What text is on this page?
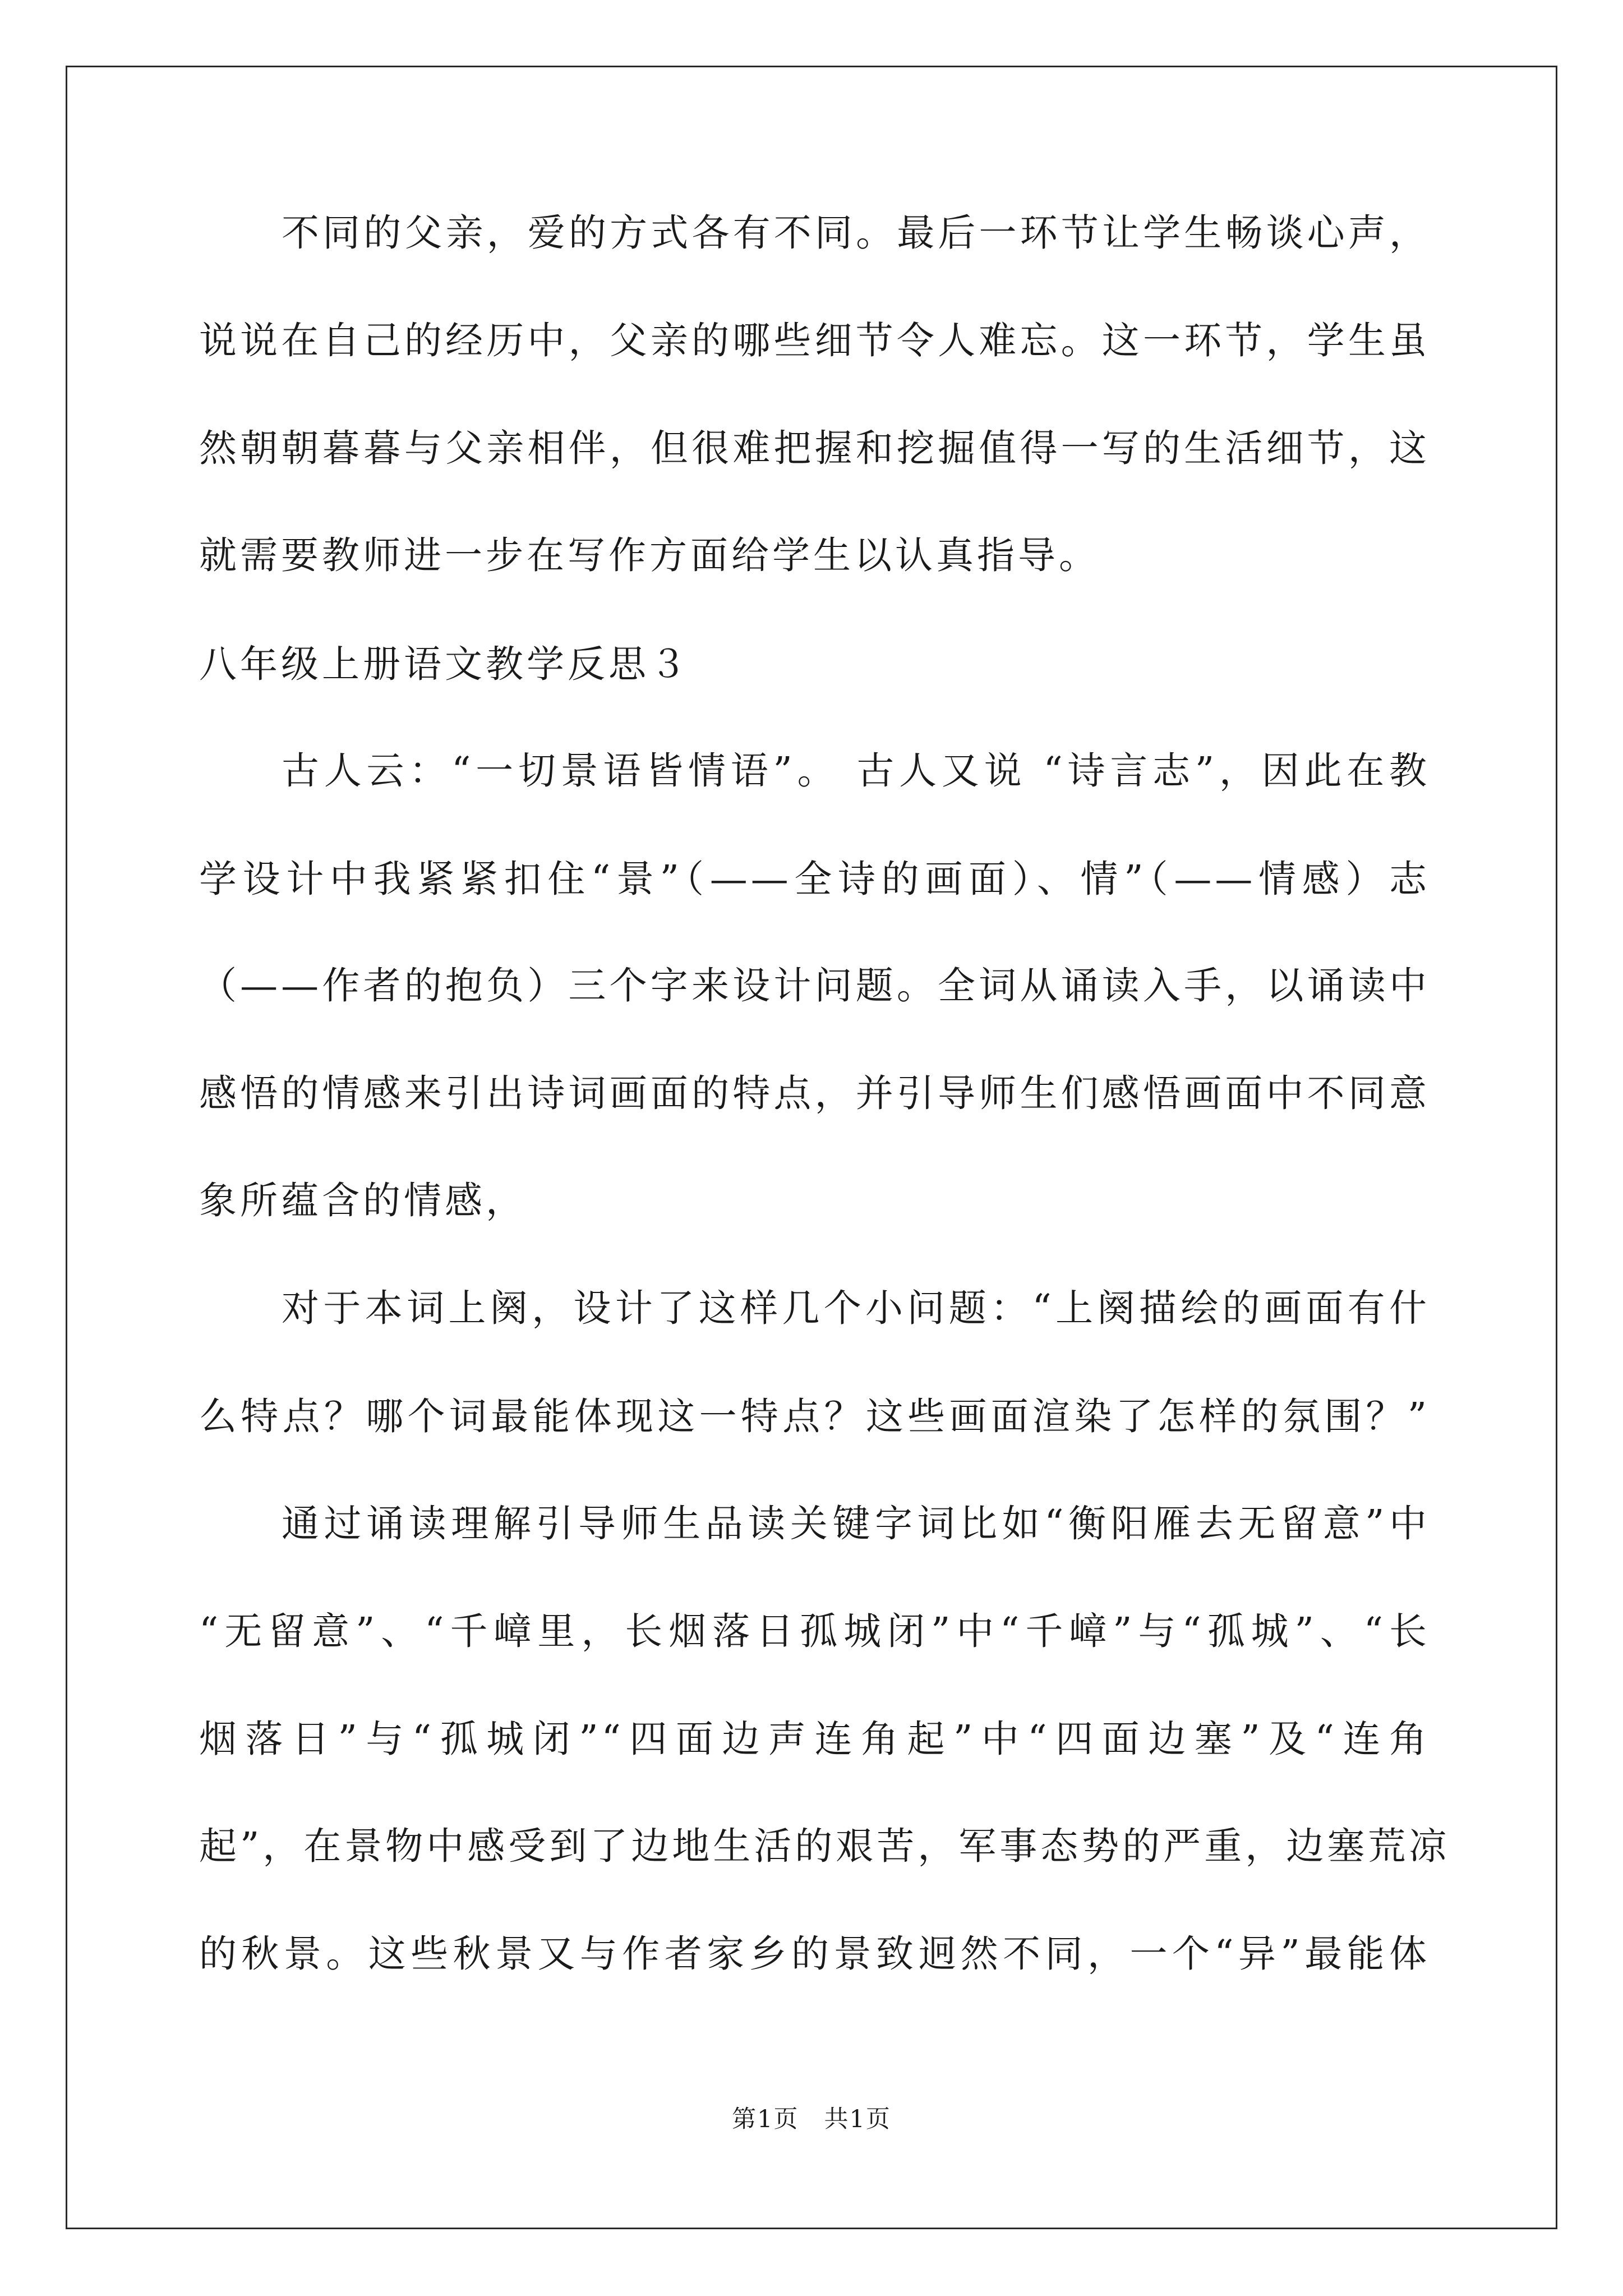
不同的父亲，爱的方式各有不同。最后一环节让学生畅谈心声，
说说在自己的经历中，父亲的哪些细节令人难忘。这一环节，学生虽
然朝朝暮暮与父亲相伴，但很难把握和挖掘值得一写的生活细节，这
就需要教师进一步在写作方面给学生以认真指导。
八年级上册语文教学反思３
古人云：“一切景语皆情语”。 古人又说 “诗言志”，因此在教
学设计中我紧紧扣住“景”（——全诗的画面）、情”（——情感）志
（——作者的抱负）三个字来设计问题。全词从诵读入手，以诵读中
感悟的情感来引出诗词画面的特点，并引导师生们感悟画面中不同意
象所蕴含的情感，
对于本词上阕，设计了这样几个小问题：“上阕描绘的画面有什
么特点？哪个词最能体现这一特点？这些画面渲染了怎样的氛围？”
通过诵读理解引导师生品读关键字词比如“衡阳雁去无留意”中
“无留意”、“千嶂里，长烟落日孤城闭”中“千嶂”与“孤城”、“长
烟落日”与“孤城闭”“四面边声连角起”中“四面边塞”及“连角
起”，在景物中感受到了边地生活的艰苦，军事态势的严重，边塞荒凉
的秋景。这些秋景又与作者家乡的景致迥然不同，一个“异”最能体
第1页　共1页
